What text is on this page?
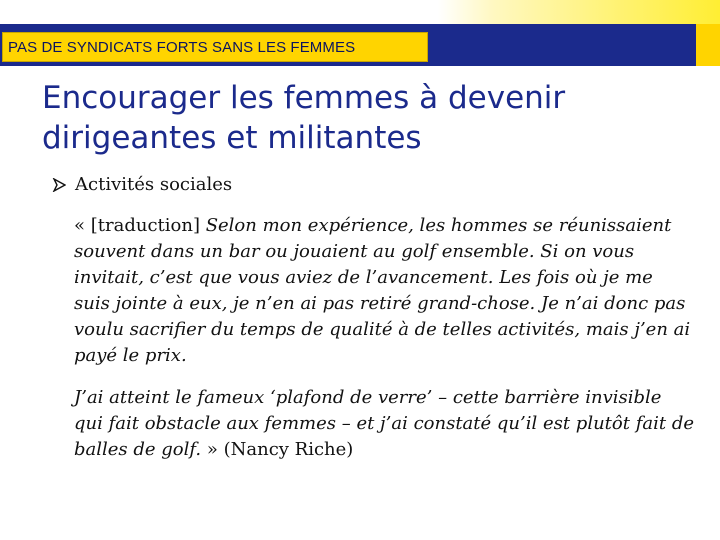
PAS DE SYNDICATS FORTS SANS LES FEMMES
Encourager les femmes à devenir
dirigeantes et militantes
Activités sociales

« [traduction] Selon mon expérience, les hommes se réunissaient souvent dans un bar ou jouaient au golf ensemble. Si on vous invitait, c’est que vous aviez de l’avancement. Les fois où je me suis jointe à eux, je n’en ai pas retiré grand-chose. Je n’ai donc pas voulu sacrifier du temps de qualité à de telles activités, mais j’en ai payé le prix.

J’ai atteint le fameux ‘plafond de verre’ – cette barrière invisible qui fait obstacle aux femmes – et j’ai constaté qu’il est plutôt fait de balles de golf. » (Nancy Riche)
